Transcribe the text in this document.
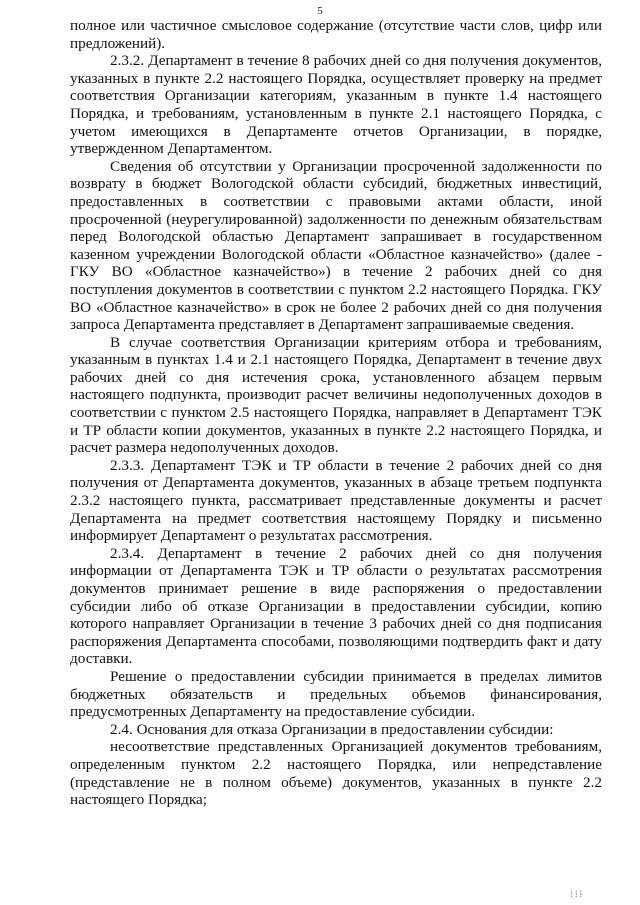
5

полное или частичное смысловое содержание (отсутствие части слов, цифр или предложений).

2.3.2. Департамент в течение 8 рабочих дней со дня получения документов, указанных в пункте 2.2 настоящего Порядка, осуществляет проверку на предмет соответствия Организации категориям, указанным в пункте 1.4 настоящего Порядка, и требованиям, установленным в пункте 2.1 настоящего Порядка, с учетом имеющихся в Департаменте отчетов Организации, в порядке, утвержденном Департаментом.

Сведения об отсутствии у Организации просроченной задолженности по возврату в бюджет Вологодской области субсидий, бюджетных инвестиций, предоставленных в соответствии с правовыми актами области, иной просроченной (неурегулированной) задолженности по денежным обязательствам перед Вологодской областью Департамент запрашивает в государственном казенном учреждении Вологодской области «Областное казначейство» (далее - ГКУ ВО «Областное казначейство») в течение 2 рабочих дней со дня поступления документов в соответствии с пунктом 2.2 настоящего Порядка. ГКУ ВО «Областное казначейство» в срок не более 2 рабочих дней со дня получения запроса Департамента представляет в Департамент запрашиваемые сведения.

В случае соответствия Организации критериям отбора и требованиям, указанным в пунктах 1.4 и 2.1 настоящего Порядка, Департамент в течение двух рабочих дней со дня истечения срока, установленного абзацем первым настоящего подпункта, производит расчет величины недополученных доходов в соответствии с пунктом 2.5 настоящего Порядка, направляет в Департамент ТЭК и ТР области копии документов, указанных в пункте 2.2 настоящего Порядка, и расчет размера недополученных доходов.

2.3.3. Департамент ТЭК и ТР области в течение 2 рабочих дней со дня получения от Департамента документов, указанных в абзаце третьем подпункта 2.3.2 настоящего пункта, рассматривает представленные документы и расчет Департамента на предмет соответствия настоящему Порядку и письменно информирует Департамент о результатах рассмотрения.

2.3.4. Департамент в течение 2 рабочих дней со дня получения информации от Департамента ТЭК и ТР области о результатах рассмотрения документов принимает решение в виде распоряжения о предоставлении субсидии либо об отказе Организации в предоставлении субсидии, копию которого направляет Организации в течение 3 рабочих дней со дня подписания распоряжения Департамента способами, позволяющими подтвердить факт и дату доставки.

Решение о предоставлении субсидии принимается в пределах лимитов бюджетных обязательств и предельных объемов финансирования, предусмотренных Департаменту на предоставление субсидии.

2.4. Основания для отказа Организации в предоставлении субсидии:

несоответствие представленных Организацией документов требованиям, определенным пунктом 2.2 настоящего Порядка, или непредставление (представление не в полном объеме) документов, указанных в пункте 2.2 настоящего Порядка;

⁞⁞⁞
